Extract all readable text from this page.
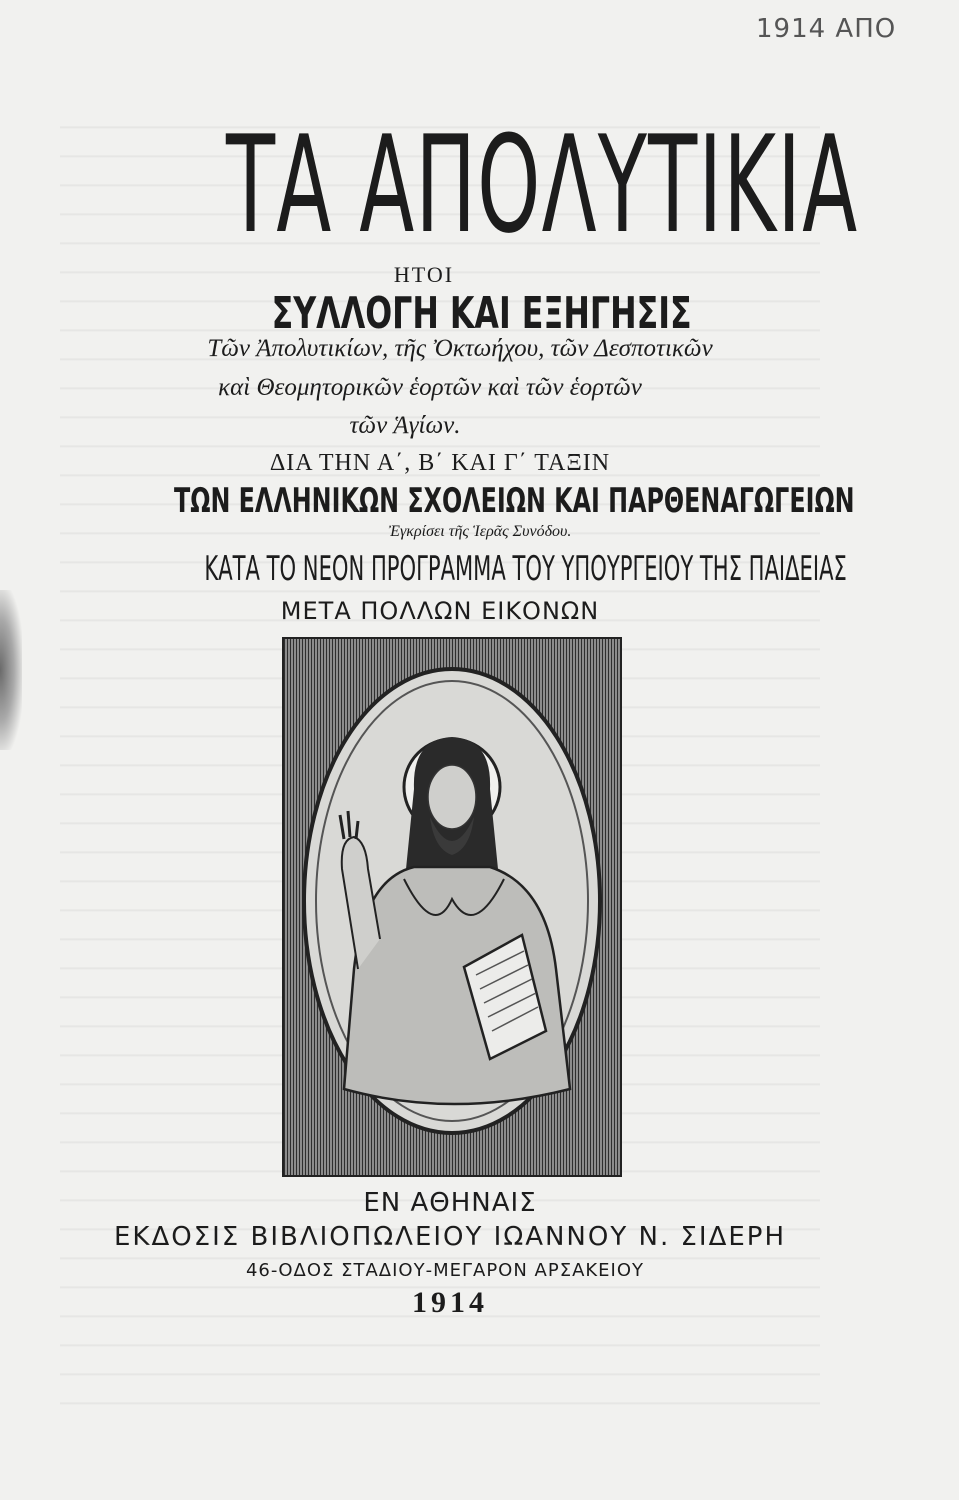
1914 ΑΠΟ
ΤΑ ΑΠΟΛΥΤΙΚΙΑ
ΗΤΟΙ
ΣΥΛΛΟΓΗ ΚΑΙ ΕΞΗΓΗΣΙΣ
Τῶν Ἀπολυτικίων, τῆς Ὀκτωήχου, τῶν Δεσποτικῶν
καὶ Θεομητορικῶν ἑορτῶν καὶ τῶν ἑορτῶν
τῶν Ἁγίων.
ΔΙΑ ΤΗΝ Α΄, Β΄ ΚΑΙ Γ΄ ΤΑΞΙΝ
ΤΩΝ ΕΛΛΗΝΙΚΩΝ ΣΧΟΛΕΙΩΝ ΚΑΙ ΠΑΡΘΕΝΑΓΩΓΕΙΩΝ
Ἐγκρίσει τῆς Ἱερᾶς Συνόδου.
ΚΑΤΑ ΤΟ ΝΕΟΝ ΠΡΟΓΡΑΜΜΑ ΤΟΥ ΥΠΟΥΡΓΕΙΟΥ ΤΗΣ ΠΑΙΔΕΙΑΣ
ΜΕΤΑ ΠΟΛΛΩΝ ΕΙΚΟΝΩΝ
ΕΝ ΑΘΗΝΑΙΣ
ΕΚΔΟΣΙΣ ΒΙΒΛΙΟΠΩΛΕΙΟΥ ΙΩΑΝΝΟΥ Ν. ΣΙΔΕΡΗ
46-ΟΔΟΣ ΣΤΑΔΙΟΥ-ΜΕΓΑΡΟΝ ΑΡΣΑΚΕΙΟΥ
1914
